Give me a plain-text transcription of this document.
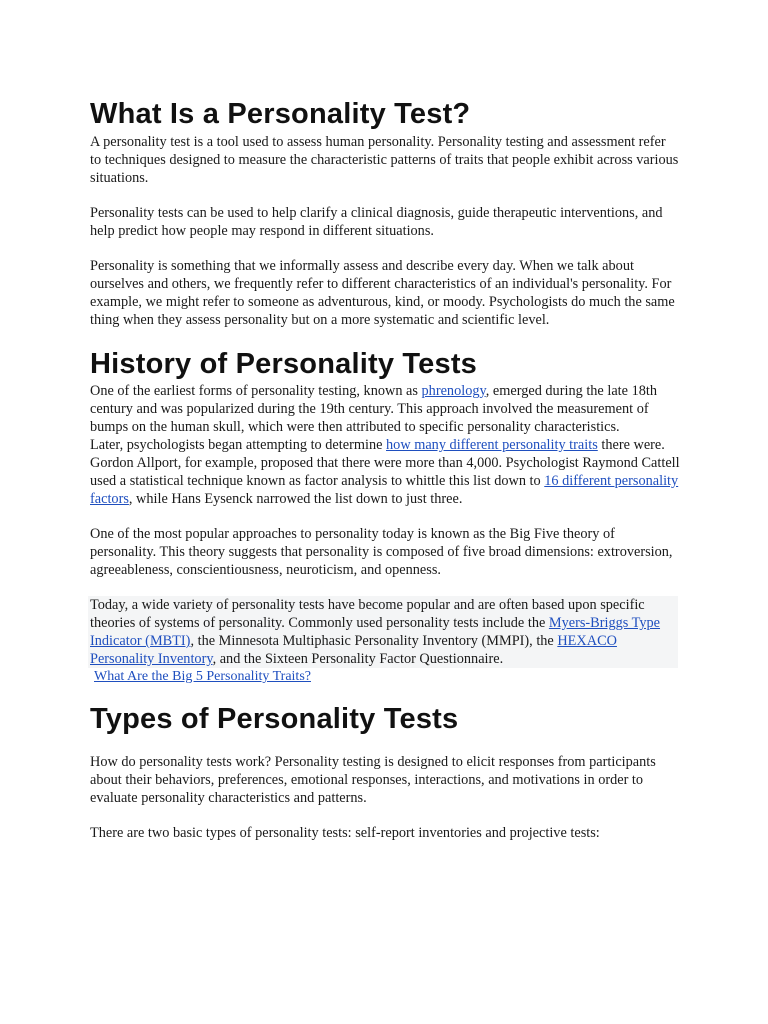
What Is a Personality Test?

A personality test is a tool used to assess human personality. Personality testing and assessment refer to techniques designed to measure the characteristic patterns of traits that people exhibit across various situations.

Personality tests can be used to help clarify a clinical diagnosis, guide therapeutic interventions, and help predict how people may respond in different situations.

Personality is something that we informally assess and describe every day. When we talk about ourselves and others, we frequently refer to different characteristics of an individual's personality. For example, we might refer to someone as adventurous, kind, or moody. Psychologists do much the same thing when they assess personality but on a more systematic and scientific level.

History of Personality Tests

One of the earliest forms of personality testing, known as phrenology, emerged during the late 18th century and was popularized during the 19th century. This approach involved the measurement of bumps on the human skull, which were then attributed to specific personality characteristics.

Later, psychologists began attempting to determine how many different personality traits there were. Gordon Allport, for example, proposed that there were more than 4,000. Psychologist Raymond Cattell used a statistical technique known as factor analysis to whittle this list down to 16 different personality factors, while Hans Eysenck narrowed the list down to just three.

One of the most popular approaches to personality today is known as the Big Five theory of personality. This theory suggests that personality is composed of five broad dimensions: extroversion, agreeableness, conscientiousness, neuroticism, and openness.

Today, a wide variety of personality tests have become popular and are often based upon specific theories of systems of personality. Commonly used personality tests include the Myers-Briggs Type Indicator (MBTI), the Minnesota Multiphasic Personality Inventory (MMPI), the HEXACO Personality Inventory, and the Sixteen Personality Factor Questionnaire.

What Are the Big 5 Personality Traits?

Types of Personality Tests

How do personality tests work? Personality testing is designed to elicit responses from participants about their behaviors, preferences, emotional responses, interactions, and motivations in order to evaluate personality characteristics and patterns.

There are two basic types of personality tests: self-report inventories and projective tests:
